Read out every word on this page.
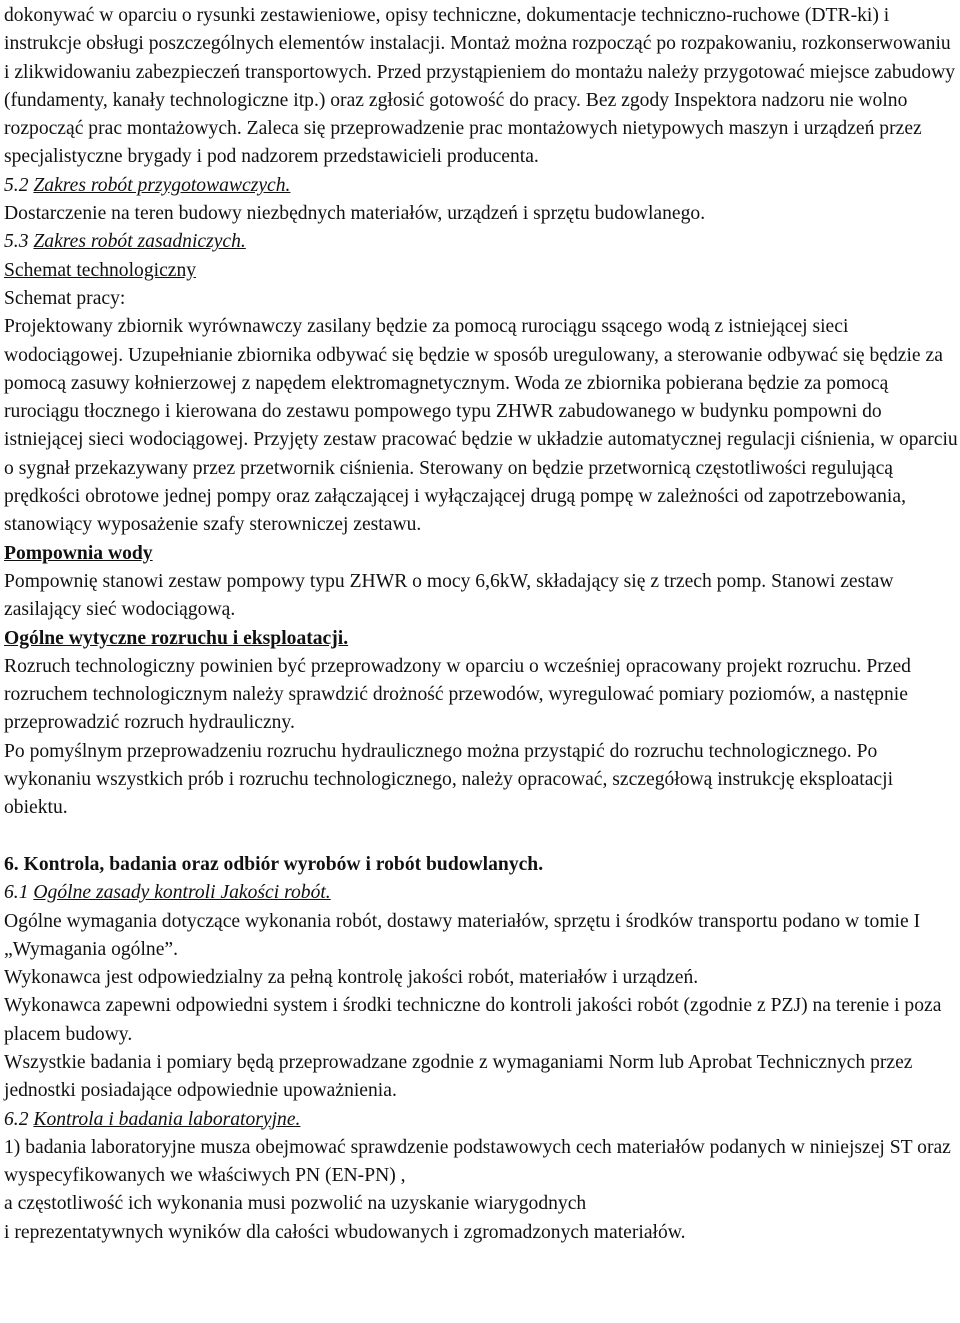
dokonywać w oparciu o rysunki zestawieniowe, opisy techniczne, dokumentacje techniczno-ruchowe (DTR-ki) i instrukcje obsługi poszczególnych elementów instalacji. Montaż można rozpocząć po rozpakowaniu, rozkonserwowaniu i zlikwidowaniu zabezpieczeń transportowych. Przed przystąpieniem do montażu należy przygotować miejsce zabudowy (fundamenty, kanały technologiczne itp.) oraz zgłosić gotowość do pracy. Bez zgody Inspektora nadzoru nie wolno rozpocząć prac montażowych. Zaleca się przeprowadzenie prac montażowych nietypowych maszyn i urządzeń przez specjalistyczne brygady i pod nadzorem przedstawicieli producenta.

5.2 Zakres robót przygotowawczych.

Dostarczenie na teren budowy niezbędnych materiałów, urządzeń i sprzętu budowlanego.

5.3 Zakres robót zasadniczych.

Schemat technologiczny

Schemat pracy:

Projektowany zbiornik wyrównawczy zasilany będzie za pomocą rurociągu ssącego wodą z istniejącej sieci wodociągowej. Uzupełnianie zbiornika odbywać się będzie w sposób uregulowany, a sterowanie odbywać się będzie za pomocą zasuwy kołnierzowej z napędem elektromagnetycznym. Woda ze zbiornika pobierana będzie za pomocą rurociągu tłocznego i kierowana do zestawu pompowego typu ZHWR zabudowanego w budynku pompowni do istniejącej sieci wodociągowej. Przyjęty zestaw pracować będzie w układzie automatycznej regulacji ciśnienia, w oparciu o sygnał przekazywany przez przetwornik ciśnienia. Sterowany on będzie przetwornicą częstotliwości regulującą prędkości obrotowe jednej pompy oraz załączającej i wyłączającej drugą pompę w zależności od zapotrzebowania, stanowiący wyposażenie szafy sterowniczej zestawu.

Pompownia wody

Pompownię stanowi zestaw pompowy typu ZHWR o mocy 6,6kW, składający się z trzech pomp. Stanowi zestaw zasilający sieć wodociągową.

Ogólne wytyczne rozruchu i eksploatacji.

Rozruch technologiczny powinien być przeprowadzony w oparciu o wcześniej opracowany projekt rozruchu. Przed rozruchem technologicznym należy sprawdzić drożność przewodów, wyregulować pomiary poziomów, a następnie przeprowadzić rozruch hydrauliczny.

Po pomyślnym przeprowadzeniu rozruchu hydraulicznego można przystąpić do rozruchu technologicznego. Po wykonaniu wszystkich prób i rozruchu technologicznego, należy opracować, szczegółową instrukcję eksploatacji obiektu.

6. Kontrola, badania oraz odbiór wyrobów i robót budowlanych.

6.1 Ogólne zasady kontroli Jakości robót.

Ogólne wymagania dotyczące wykonania robót, dostawy materiałów, sprzętu i środków transportu podano w tomie I „Wymagania ogólne”.

Wykonawca jest odpowiedzialny za pełną kontrolę jakości robót, materiałów i urządzeń.

Wykonawca zapewni odpowiedni system i środki techniczne do kontroli jakości robót (zgodnie z PZJ) na terenie i poza placem budowy.

Wszystkie badania i pomiary będą przeprowadzane zgodnie z wymaganiami Norm lub Aprobat Technicznych przez jednostki posiadające odpowiednie upoważnienia.

6.2 Kontrola i badania laboratoryjne.

1) badania laboratoryjne musza obejmować sprawdzenie podstawowych cech materiałów podanych w niniejszej ST oraz wyspecyfikowanych we właściwych PN (EN-PN) ,

a częstotliwość ich wykonania musi pozwolić na uzyskanie wiarygodnych

i reprezentatywnych wyników dla całości wbudowanych i zgromadzonych materiałów.
